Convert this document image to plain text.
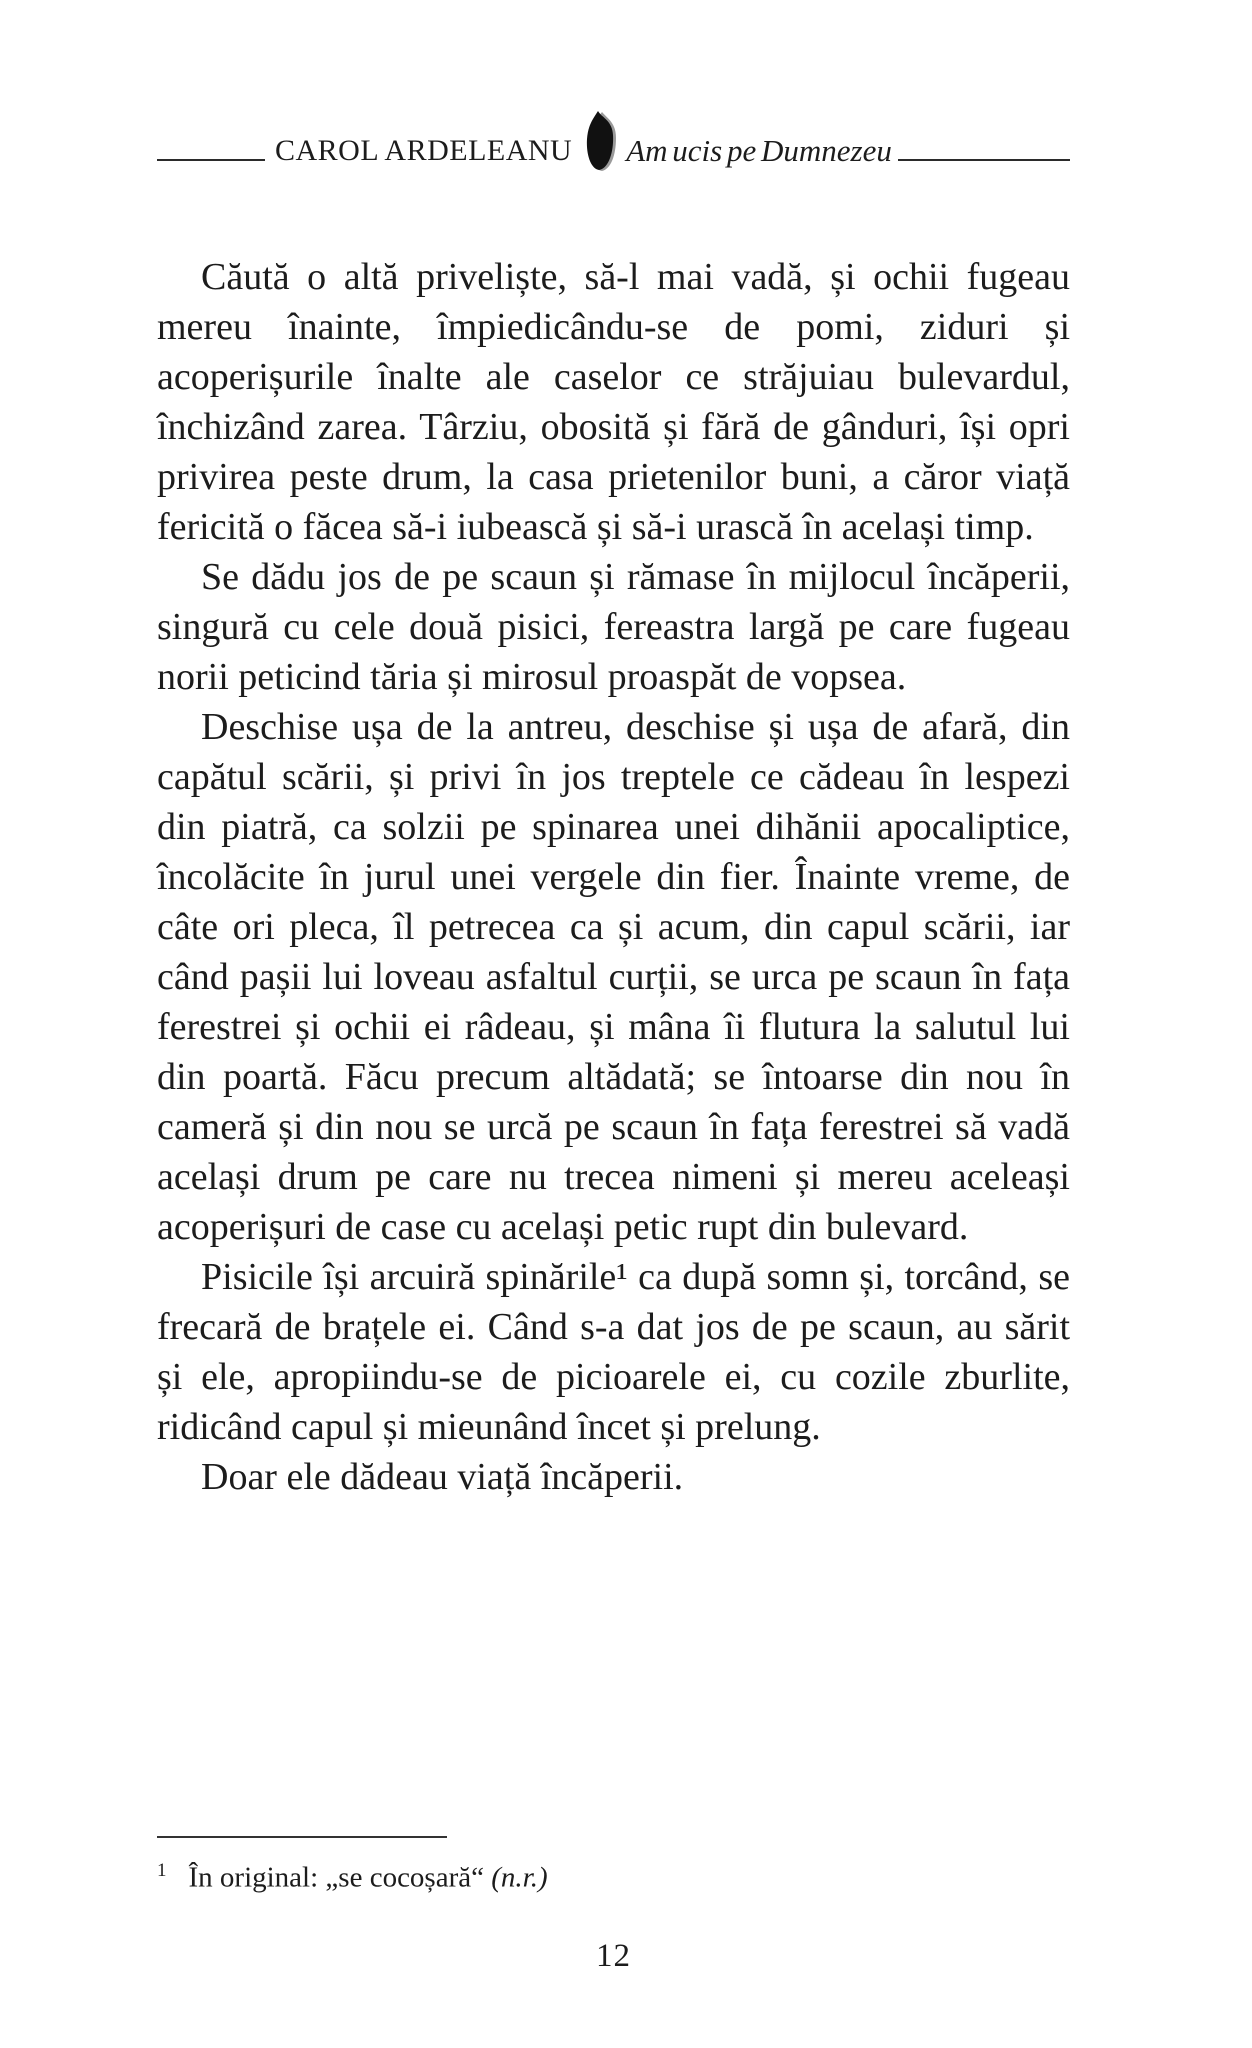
CAROL ARDELEANU Am ucis pe Dumnezeu

Căută o altă priveliște, să-l mai vadă, și ochii fugeau mereu înainte, împiedicându-se de pomi, ziduri și acoperișurile înalte ale caselor ce străjuiau bulevardul, închizând zarea. Târziu, obosită și fără de gânduri, își opri privirea peste drum, la casa prietenilor buni, a căror viață fericită o făcea să-i iubească și să-i urască în același timp.

Se dădu jos de pe scaun și rămase în mijlocul încăperii, singură cu cele două pisici, fereastra largă pe care fugeau norii peticind tăria și mirosul proaspăt de vopsea.

Deschise ușa de la antreu, deschise și ușa de afară, din capătul scării, și privi în jos treptele ce cădeau în lespezi din piatră, ca solzii pe spinarea unei dihănii apocaliptice, încolăcite în jurul unei vergele din fier. Înainte vreme, de câte ori pleca, îl petrecea ca și acum, din capul scării, iar când pașii lui loveau asfaltul curții, se urca pe scaun în fața ferestrei și ochii ei râdeau, și mâna îi flutura la salutul lui din poartă. Făcu precum altădată; se întoarse din nou în cameră și din nou se urcă pe scaun în fața ferestrei să vadă același drum pe care nu trecea nimeni și mereu aceleași acoperișuri de case cu același petic rupt din bulevard.

Pisicile își arcuiră spinările¹ ca după somn și, torcând, se frecară de brațele ei. Când s-a dat jos de pe scaun, au sărit și ele, apropiindu-se de picioarele ei, cu cozile zburlite, ridicând capul și mieunând încet și prelung.

Doar ele dădeau viață încăperii.

$^1$ În original: „se cocoșară“ (n.r.)
12
